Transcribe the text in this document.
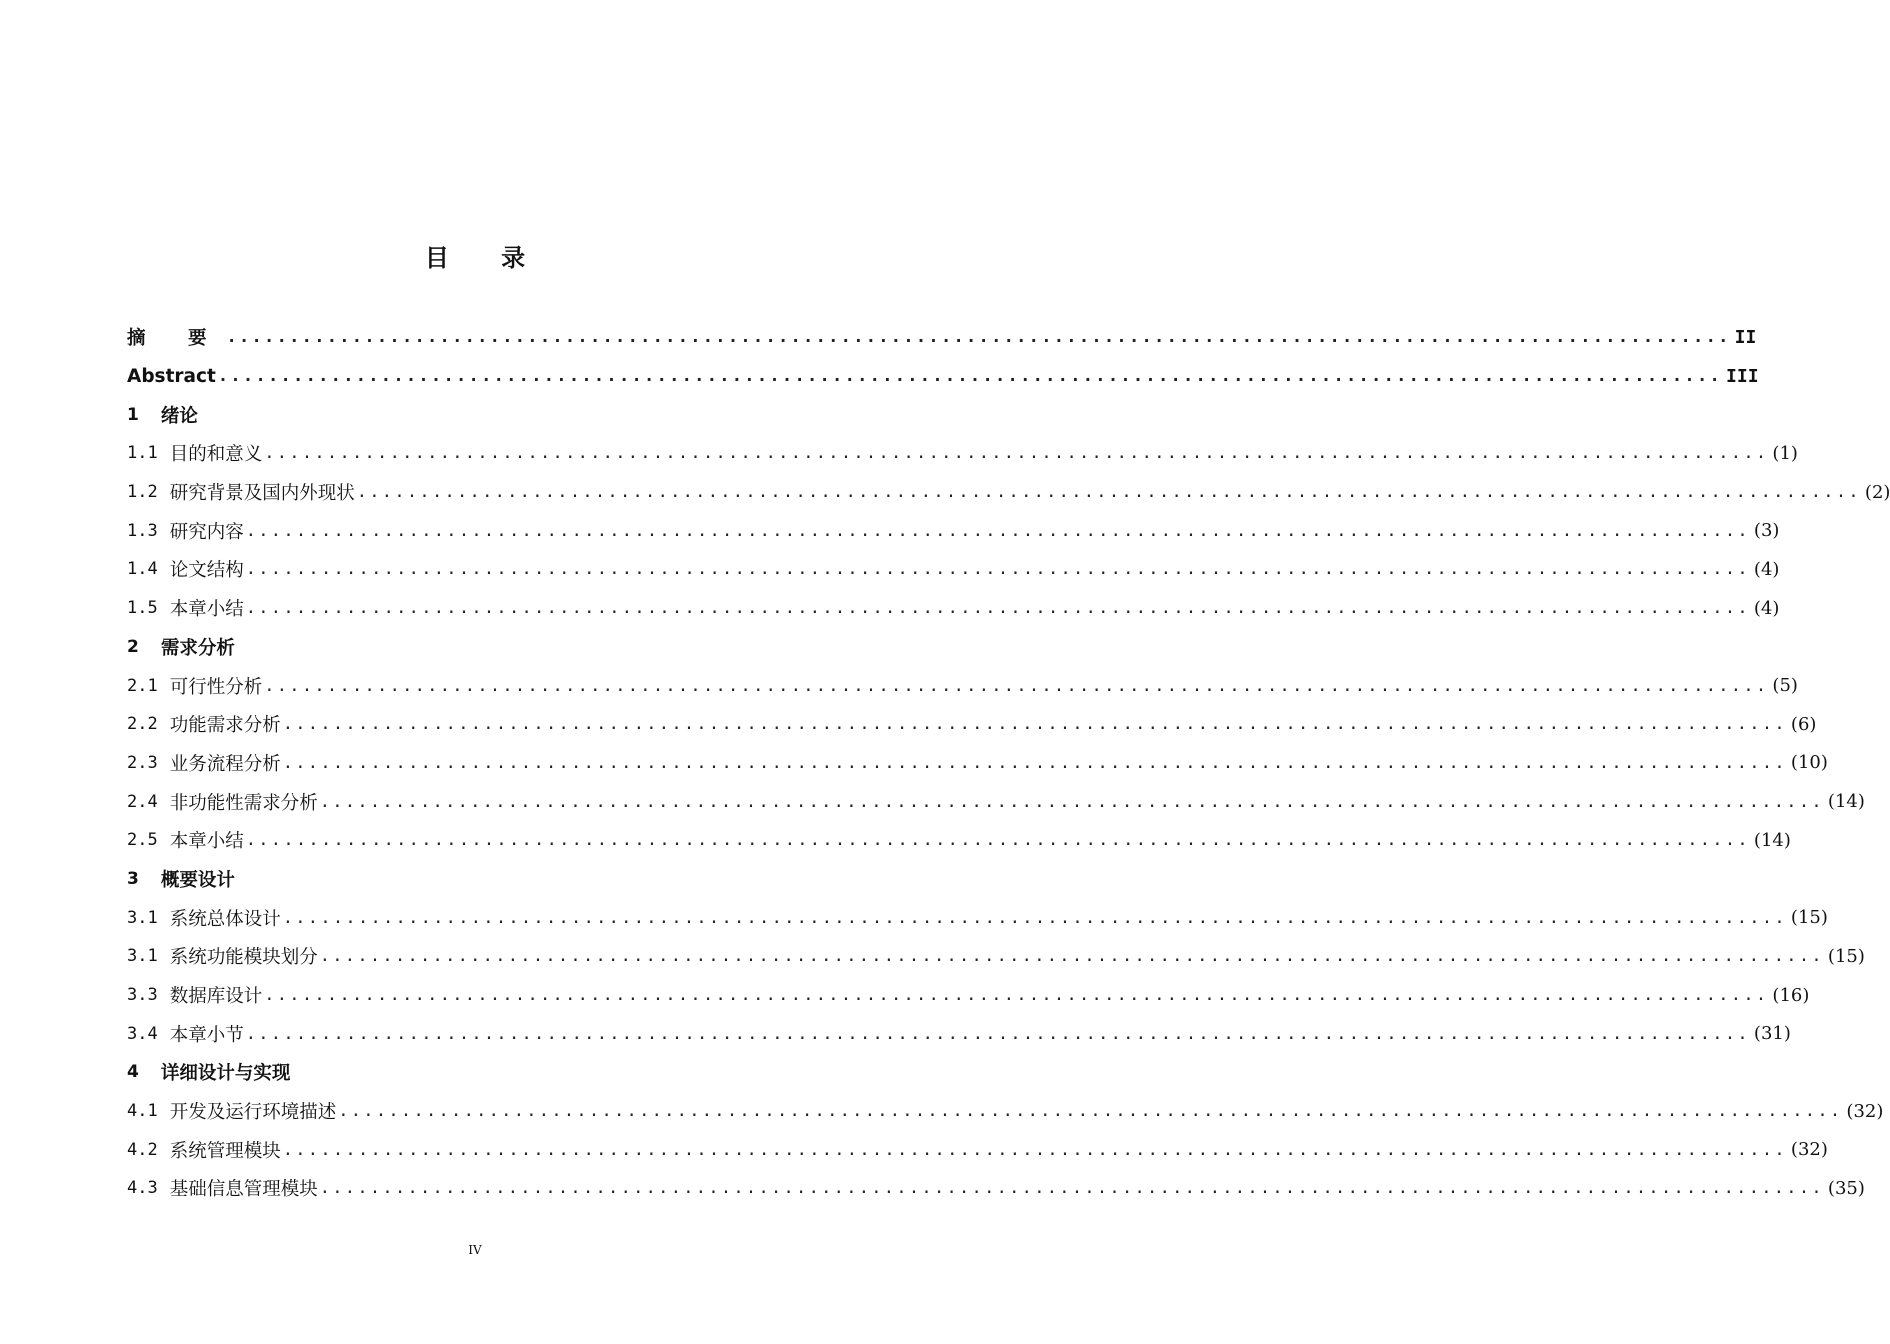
目 录
摘 要 ........................................................................................................................ II
Abstract ........................................................................................................................ III
1 绪论
1.1 目的和意义 ........................................................................................................................ (1)
1.2 研究背景及国内外现状 ........................................................................................................................ (2)
1.3 研究内容 ........................................................................................................................ (3)
1.4 论文结构 ........................................................................................................................ (4)
1.5 本章小结 ........................................................................................................................ (4)
2 需求分析
2.1 可行性分析 ........................................................................................................................ (5)
2.2 功能需求分析 ........................................................................................................................ (6)
2.3 业务流程分析 ........................................................................................................................ (10)
2.4 非功能性需求分析 ........................................................................................................................ (14)
2.5 本章小结 ........................................................................................................................ (14)
3 概要设计
3.1 系统总体设计 ........................................................................................................................ (15)
3.1 系统功能模块划分 ........................................................................................................................ (15)
3.3 数据库设计 ........................................................................................................................ (16)
3.4 本章小节 ........................................................................................................................ (31)
4 详细设计与实现
4.1 开发及运行环境描述 ........................................................................................................................ (32)
4.2 系统管理模块 ........................................................................................................................ (32)
4.3 基础信息管理模块 ........................................................................................................................ (35)
IV
